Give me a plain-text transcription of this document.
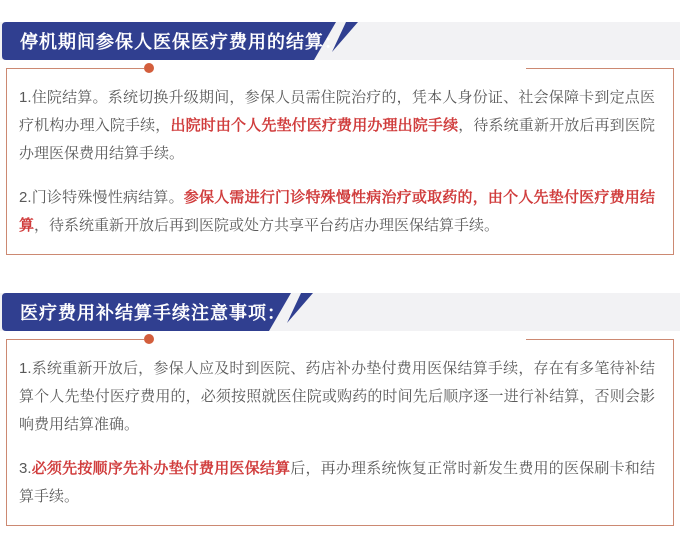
停机期间参保人医保医疗费用的结算：

1.住院结算。系统切换升级期间，参保人员需住院治疗的，凭本人身份证、社会保障卡到定点医疗机构办理入院手续，出院时由个人先垫付医疗费用办理出院手续，待系统重新开放后再到医院办理医保费用结算手续。

2.门诊特殊慢性病结算。参保人需进行门诊特殊慢性病治疗或取药的，由个人先垫付医疗费用结算，待系统重新开放后再到医院或处方共享平台药店办理医保结算手续。

医疗费用补结算手续注意事项：

1.系统重新开放后，参保人应及时到医院、药店补办垫付费用医保结算手续，存在有多笔待补结算个人先垫付医疗费用的，必须按照就医住院或购药的时间先后顺序逐一进行补结算，否则会影响费用结算准确。

3.必须先按顺序先补办垫付费用医保结算后，再办理系统恢复正常时新发生费用的医保刷卡和结算手续。
